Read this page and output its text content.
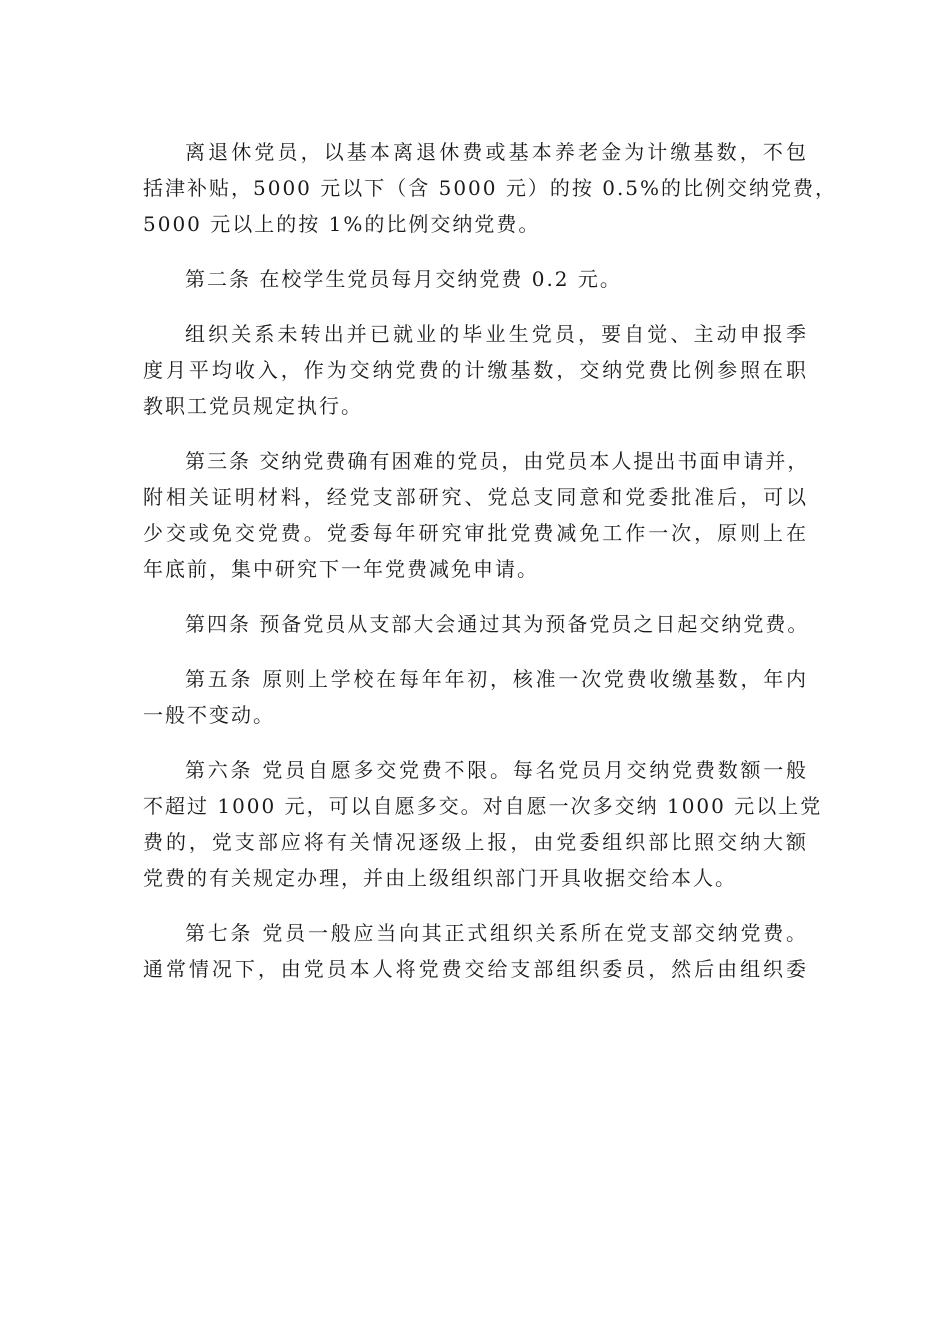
离退休党员，以基本离退休费或基本养老金为计缴基数，不包
括津补贴，5000 元以下（含 5000 元）的按 0.5%的比例交纳党费，
5000 元以上的按 1%的比例交纳党费。

第二条 在校学生党员每月交纳党费 0.2 元。

组织关系未转出并已就业的毕业生党员，要自觉、主动申报季
度月平均收入，作为交纳党费的计缴基数，交纳党费比例参照在职
教职工党员规定执行。

第三条 交纳党费确有困难的党员，由党员本人提出书面申请并，
附相关证明材料，经党支部研究、党总支同意和党委批准后，可以
少交或免交党费。党委每年研究审批党费减免工作一次，原则上在
年底前，集中研究下一年党费减免申请。

第四条 预备党员从支部大会通过其为预备党员之日起交纳党费。

第五条 原则上学校在每年年初，核准一次党费收缴基数，年内
一般不变动。

第六条 党员自愿多交党费不限。每名党员月交纳党费数额一般
不超过 1000 元，可以自愿多交。对自愿一次多交纳 1000 元以上党
费的，党支部应将有关情况逐级上报，由党委组织部比照交纳大额
党费的有关规定办理，并由上级组织部门开具收据交给本人。

第七条 党员一般应当向其正式组织关系所在党支部交纳党费。
通常情况下，由党员本人将党费交给支部组织委员，然后由组织委
